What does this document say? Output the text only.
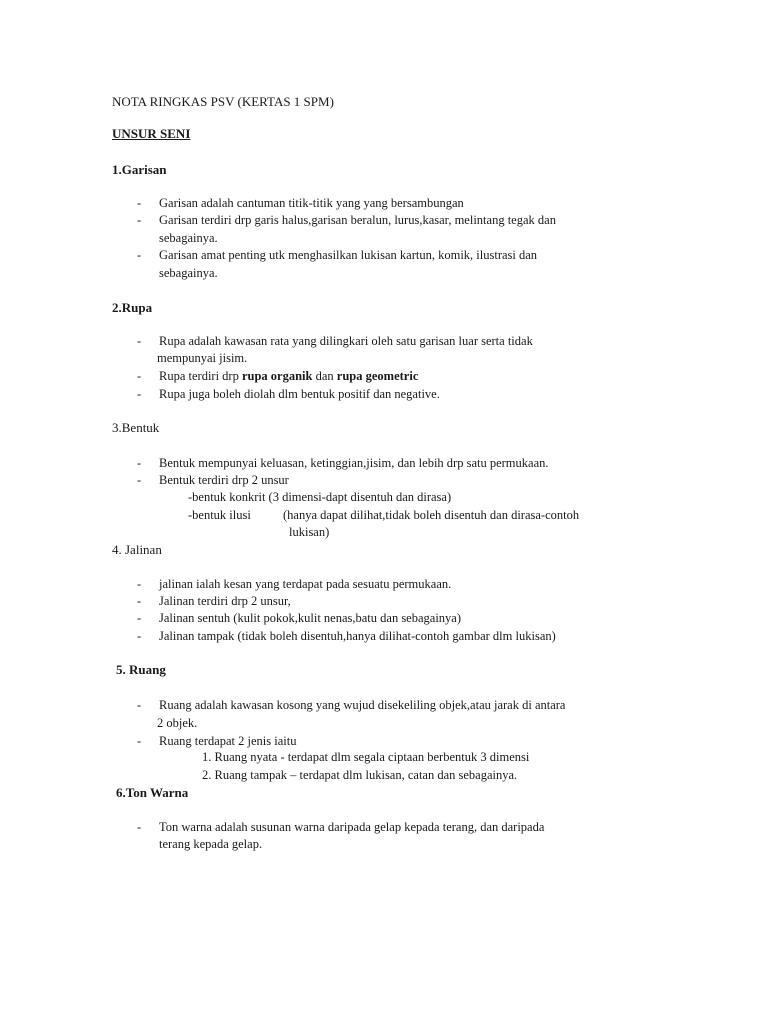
NOTA RINGKAS PSV (KERTAS 1 SPM)
UNSUR SENI
1.Garisan
- Garisan adalah cantuman titik-titik yang yang bersambungan
- Garisan terdiri drp garis halus,garisan beralun, lurus,kasar, melintang tegak dan
sebagainya.
- Garisan amat penting utk menghasilkan lukisan kartun, komik, ilustrasi dan
sebagainya.
2.Rupa
- Rupa adalah kawasan rata yang dilingkari oleh satu garisan luar serta tidak
mempunyai jisim.
- Rupa terdiri drp rupa organik dan rupa geometric
- Rupa juga boleh diolah dlm bentuk positif dan negative.
3.Bentuk
- Bentuk mempunyai keluasan, ketinggian,jisim, dan lebih drp satu permukaan.
- Bentuk terdiri drp 2 unsur
-bentuk konkrit (3 dimensi-dapt disentuh dan dirasa)
-bentuk ilusi	(hanya dapat dilihat,tidak boleh disentuh dan dirasa-contoh
lukisan)
4. Jalinan
- jalinan ialah kesan yang terdapat pada sesuatu permukaan.
- Jalinan terdiri drp 2 unsur,
- Jalinan sentuh (kulit pokok,kulit nenas,batu dan sebagainya)
- Jalinan tampak (tidak boleh disentuh,hanya dilihat-contoh gambar dlm lukisan)
5. Ruang
- Ruang adalah kawasan kosong yang wujud disekeliling objek,atau jarak di antara
2 objek.
- Ruang terdapat 2 jenis iaitu
1. Ruang nyata - terdapat dlm segala ciptaan berbentuk 3 dimensi
2. Ruang tampak – terdapat dlm lukisan, catan dan sebagainya.
6.Ton Warna
- Ton warna adalah susunan warna daripada gelap kepada terang, dan daripada
terang kepada gelap.
